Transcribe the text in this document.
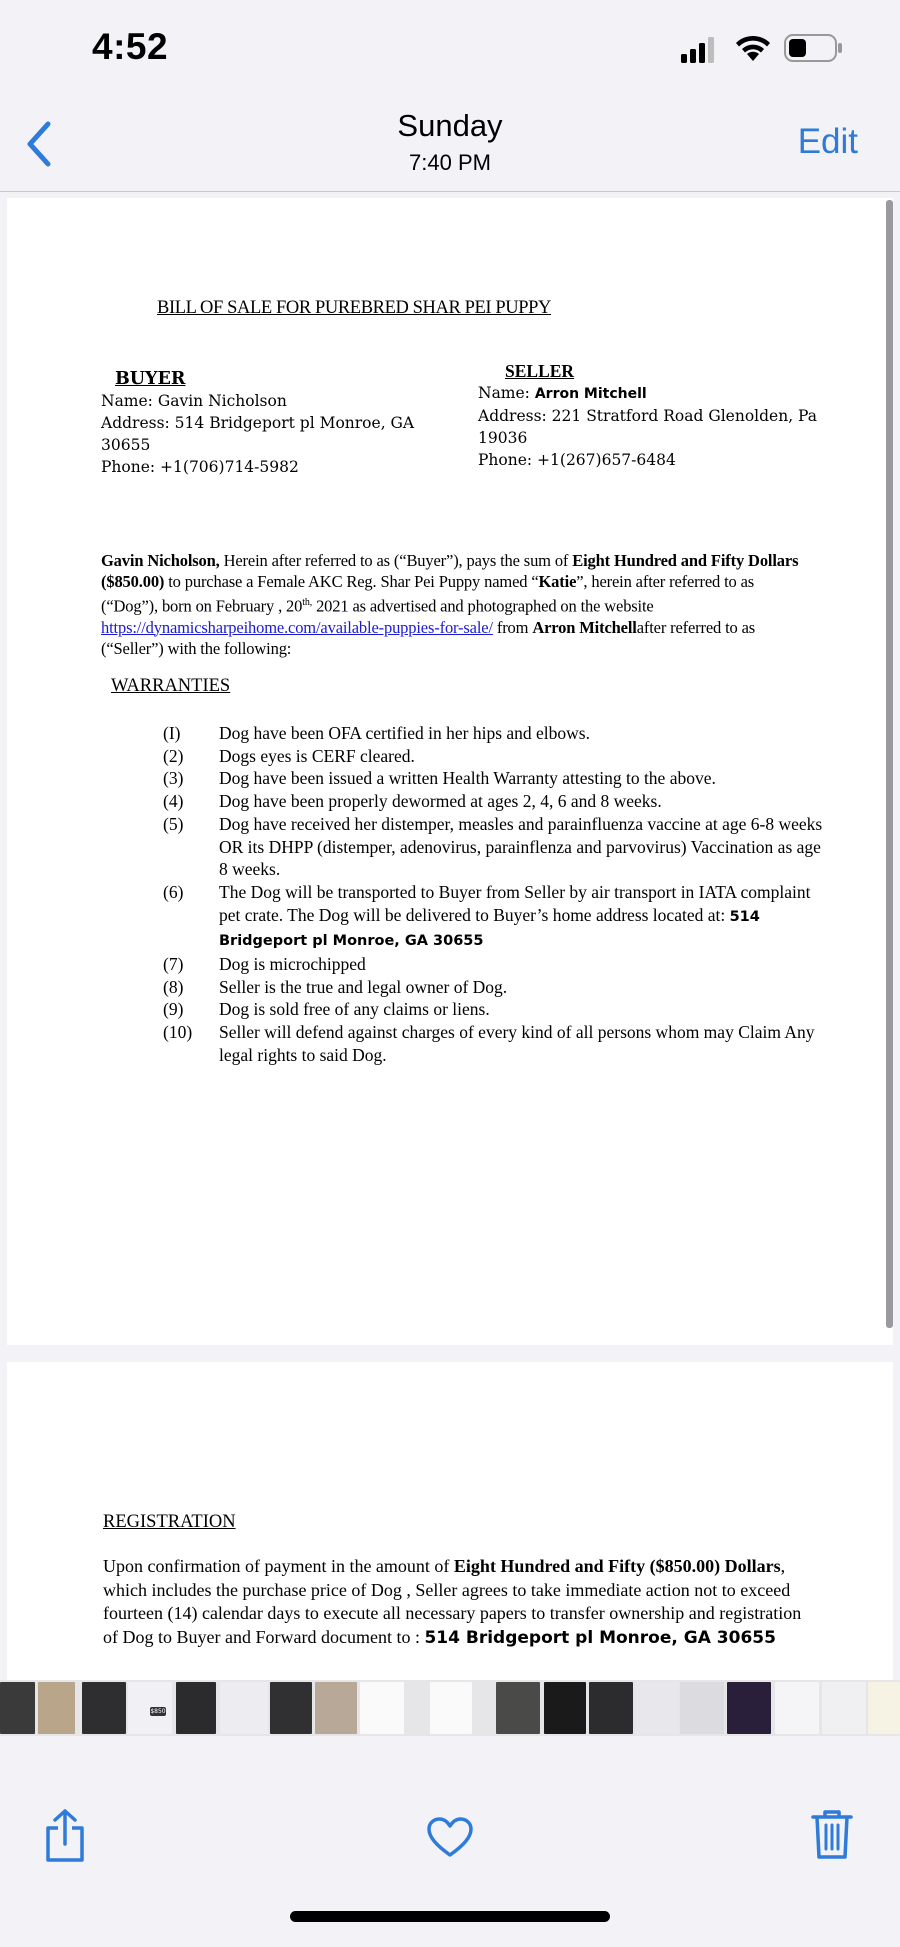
4:52
Sunday
7:40 PM
Edit
BILL OF SALE FOR PUREBRED SHAR PEI PUPPY
BUYER
Name: Gavin Nicholson
Address: 514 Bridgeport pl Monroe, GA 30655
Phone: +1(706)714-5982
SELLER
Name: Arron Mitchell
Address: 221 Stratford Road Glenolden, Pa 19036
Phone: +1(267)657-6484

Gavin Nicholson, Herein after referred to as (“Buyer”), pays the sum of Eight Hundred and Fifty Dollars ($850.00) to purchase a Female AKC Reg. Shar Pei Puppy named “Katie”, herein after referred to as (“Dog”), born on February , $20^{th,}$ 2021 as advertised and photographed on the website https://dynamicsharpeihome.com/available-puppies-for-sale/ from Arron Mitchellafter referred to as (“Seller”) with the following:

WARRANTIES
(I)	Dog have been OFA certified in her hips and elbows.
(2)	Dogs eyes is CERF cleared.
(3)	Dog have been issued a written Health Warranty attesting to the above.
(4)	Dog have been properly dewormed at ages 2, 4, 6 and 8 weeks.
(5)	Dog have received her distemper, measles and parainfluenza vaccine at age 6-8 weeks OR its DHPP (distemper, adenovirus, parainflenza and parvovirus) Vaccination as age 8 weeks.
(6)	The Dog will be transported to Buyer from Seller by air transport in IATA complaint pet crate. The Dog will be delivered to Buyer’s home address located at: 514 Bridgeport pl Monroe, GA 30655
(7)	Dog is microchipped
(8)	Seller is the true and legal owner of Dog.
(9)	Dog is sold free of any claims or liens.
(10)	Seller will defend against charges of every kind of all persons whom may Claim Any legal rights to said Dog.
REGISTRATION

Upon confirmation of payment in the amount of Eight Hundred and Fifty ($850.00) Dollars, which includes the purchase price of Dog , Seller agrees to take immediate action not to exceed fourteen (14) calendar days to execute all necessary papers to transfer ownership and registration of Dog to Buyer and Forward document to : 514 Bridgeport pl Monroe, GA 30655

$850
